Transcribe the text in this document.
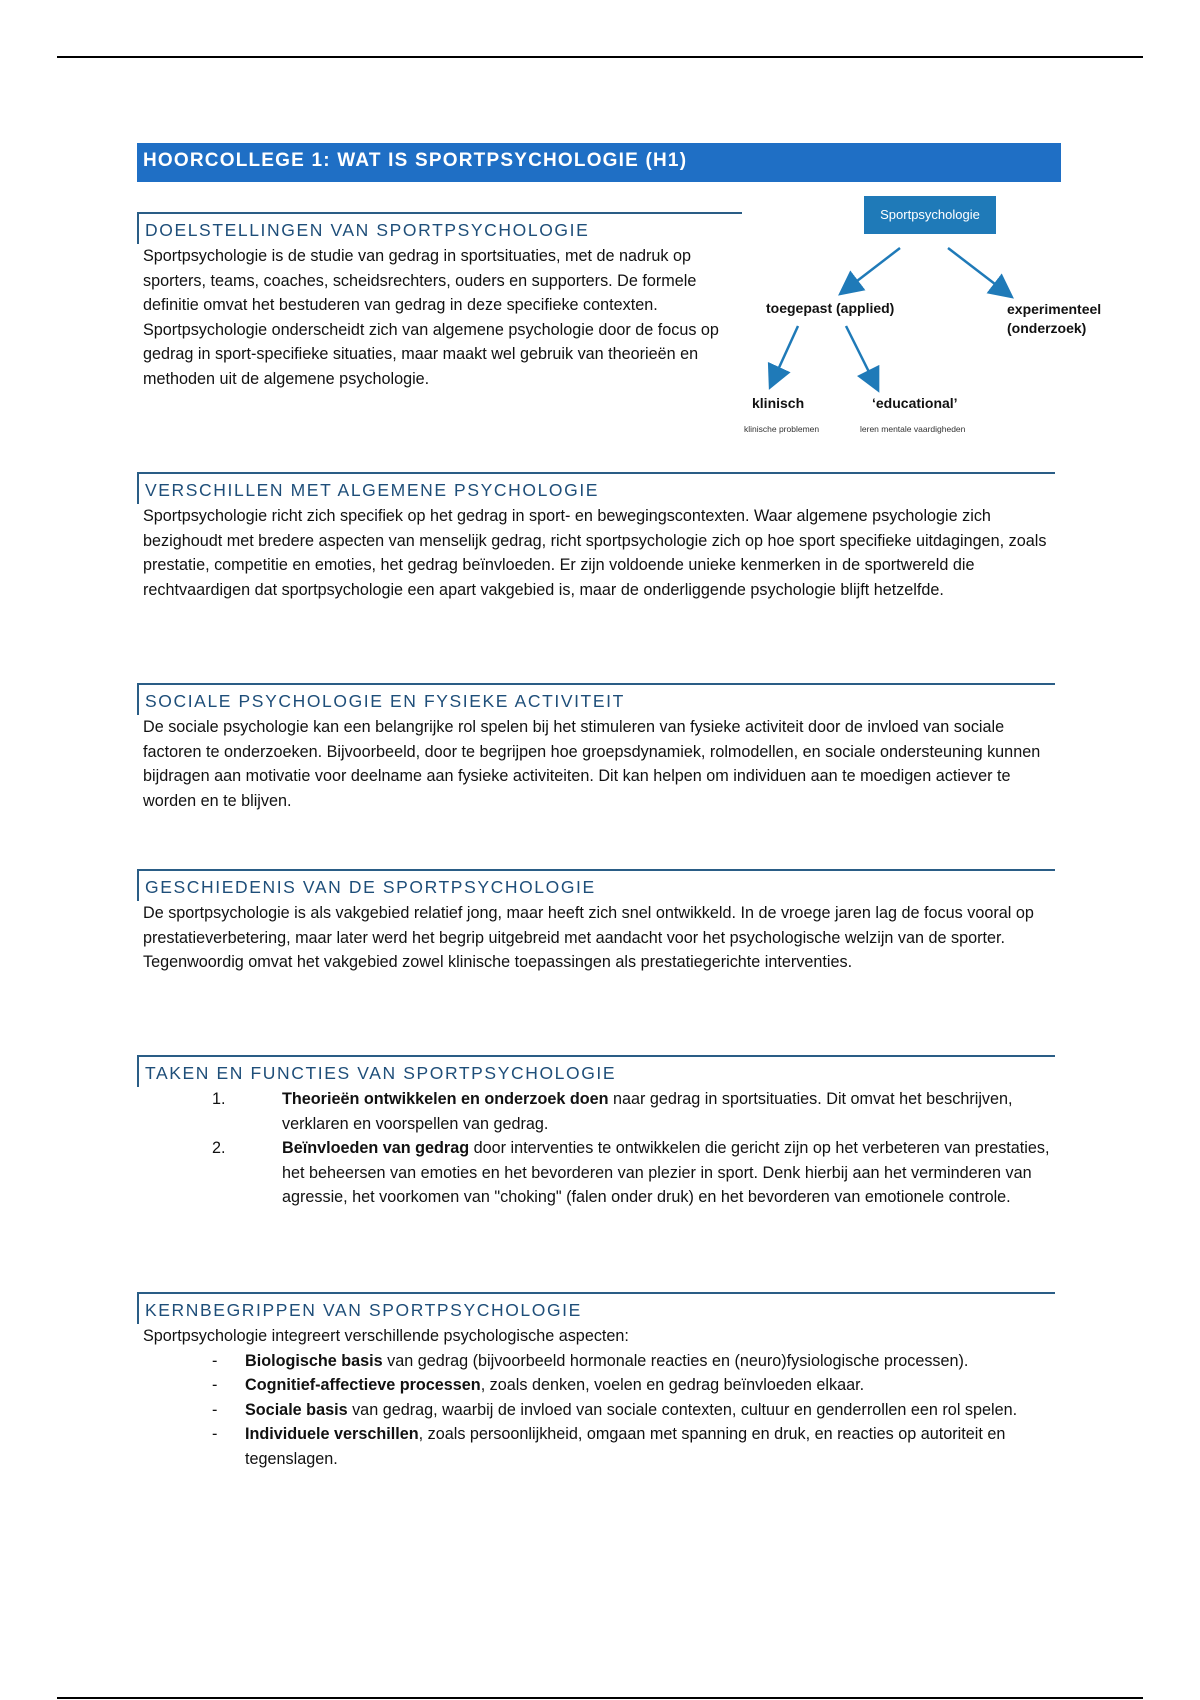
HOORCOLLEGE 1: WAT IS SPORTPSYCHOLOGIE (H1)
DOELSTELLINGEN VAN SPORTPSYCHOLOGIE
Sportpsychologie is de studie van gedrag in sportsituaties, met de nadruk op sporters, teams, coaches, scheidsrechters, ouders en supporters. De formele definitie omvat het bestuderen van gedrag in deze specifieke contexten. Sportpsychologie onderscheidt zich van algemene psychologie door de focus op gedrag in sport-specifieke situaties, maar maakt wel gebruik van theorieën en methoden uit de algemene psychologie.
Sportpsychologie
toegepast (applied)	experimenteel (onderzoek)
klinisch
klinische problemen
‘educational’
leren mentale vaardigheden
VERSCHILLEN MET ALGEMENE PSYCHOLOGIE
Sportpsychologie richt zich specifiek op het gedrag in sport- en bewegingscontexten. Waar algemene psychologie zich bezighoudt met bredere aspecten van menselijk gedrag, richt sportpsychologie zich op hoe sport specifieke uitdagingen, zoals prestatie, competitie en emoties, het gedrag beïnvloeden. Er zijn voldoende unieke kenmerken in de sportwereld die rechtvaardigen dat sportpsychologie een apart vakgebied is, maar de onderliggende psychologie blijft hetzelfde.
SOCIALE PSYCHOLOGIE EN FYSIEKE ACTIVITEIT
De sociale psychologie kan een belangrijke rol spelen bij het stimuleren van fysieke activiteit door de invloed van sociale factoren te onderzoeken. Bijvoorbeeld, door te begrijpen hoe groepsdynamiek, rolmodellen, en sociale ondersteuning kunnen bijdragen aan motivatie voor deelname aan fysieke activiteiten. Dit kan helpen om individuen aan te moedigen actiever te worden en te blijven.
GESCHIEDENIS VAN DE SPORTPSYCHOLOGIE
De sportpsychologie is als vakgebied relatief jong, maar heeft zich snel ontwikkeld. In de vroege jaren lag de focus vooral op prestatieverbetering, maar later werd het begrip uitgebreid met aandacht voor het psychologische welzijn van de sporter. Tegenwoordig omvat het vakgebied zowel klinische toepassingen als prestatiegerichte interventies.
TAKEN EN FUNCTIES VAN SPORTPSYCHOLOGIE
1.	Theorieën ontwikkelen en onderzoek doen naar gedrag in sportsituaties. Dit omvat het beschrijven, verklaren en voorspellen van gedrag.
2.	Beïnvloeden van gedrag door interventies te ontwikkelen die gericht zijn op het verbeteren van prestaties, het beheersen van emoties en het bevorderen van plezier in sport. Denk hierbij aan het verminderen van agressie, het voorkomen van "choking" (falen onder druk) en het bevorderen van emotionele controle.
KERNBEGRIPPEN VAN SPORTPSYCHOLOGIE
Sportpsychologie integreert verschillende psychologische aspecten:
- Biologische basis van gedrag (bijvoorbeeld hormonale reacties en (neuro)fysiologische processen).
- Cognitief-affectieve processen, zoals denken, voelen en gedrag beïnvloeden elkaar.
- Sociale basis van gedrag, waarbij de invloed van sociale contexten, cultuur en genderrollen een rol spelen.
- Individuele verschillen, zoals persoonlijkheid, omgaan met spanning en druk, en reacties op autoriteit en tegenslagen.
